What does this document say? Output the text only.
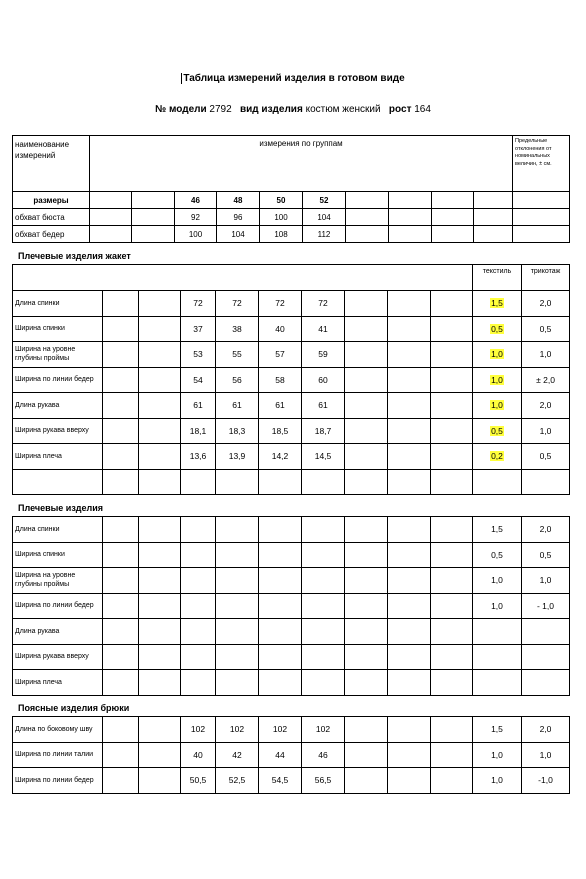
Таблица измерений изделия в готовом виде
№ модели 2792 вид изделия костюм женский рост 164
наименование измерений	измерения по группам										Предельные отклонения от номинальных величин, ± см.
размеры			46	48	50	52					
обхват бюста			92	96	100	104					
обхват бедер			100	104	108	112					
Плечевые изделия жакет
										текстиль	трикотаж
Длина спинки			72	72	72	72				1,5	2,0
Ширина спинки			37	38	40	41				0,5	0,5
Ширина на уровне глубины проймы			53	55	57	59				1,0	1,0
Ширина по линии бедер			54	56	58	60				1,0	± 2,0
Длина рукава			61	61	61	61				1,0	2,0
Ширина рукава вверху			18,1	18,3	18,5	18,7				0,5	1,0
Ширина плеча			13,6	13,9	14,2	14,5				0,2	0,5

Плечевые изделия
Длина спинки										1,5	2,0
Ширина спинки										0,5	0,5
Ширина на уровне глубины проймы										1,0	1,0
Ширина по линии бедер										1,0	- 1,0
Длина рукава											
Ширина рукава вверху											
Ширина плеча											
Поясные изделия брюки
Длина по боковому шву			102	102	102	102				1,5	2,0
Ширина по линии талии			40	42	44	46				1,0	1,0
Ширина по линии бедер			50,5	52,5	54,5	56,5				1,0	-1,0
